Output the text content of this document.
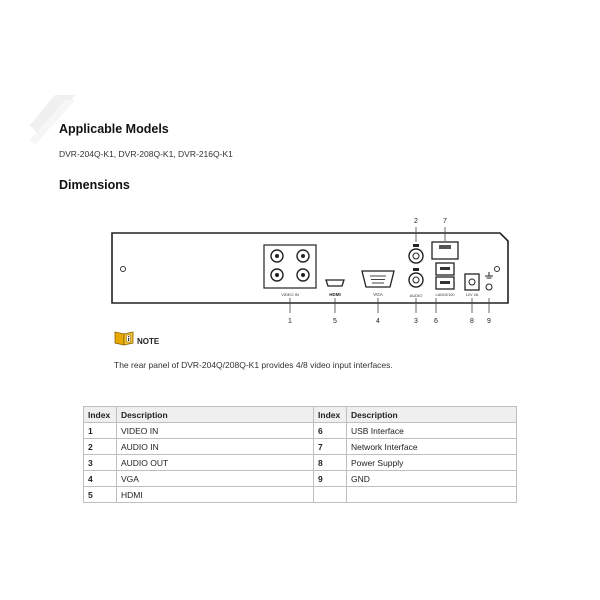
Applicable Models
DVR-204Q-K1, DVR-208Q-K1, DVR-216Q-K1
Dimensions
VIDEO IN	HDMI	VGA	AUDIO	LAN10/100	12V 2A
1	5	4	3 6	8 9
2	7
NOTE
The rear panel of DVR-204Q/208Q-K1 provides 4/8 video input interfaces.
Index	Description	Index	Description
1	VIDEO IN	6	USB Interface
2	AUDIO IN	7	Network Interface
3	AUDIO OUT	8	Power Supply
4	VGA	9	GND
5	HDMI		
